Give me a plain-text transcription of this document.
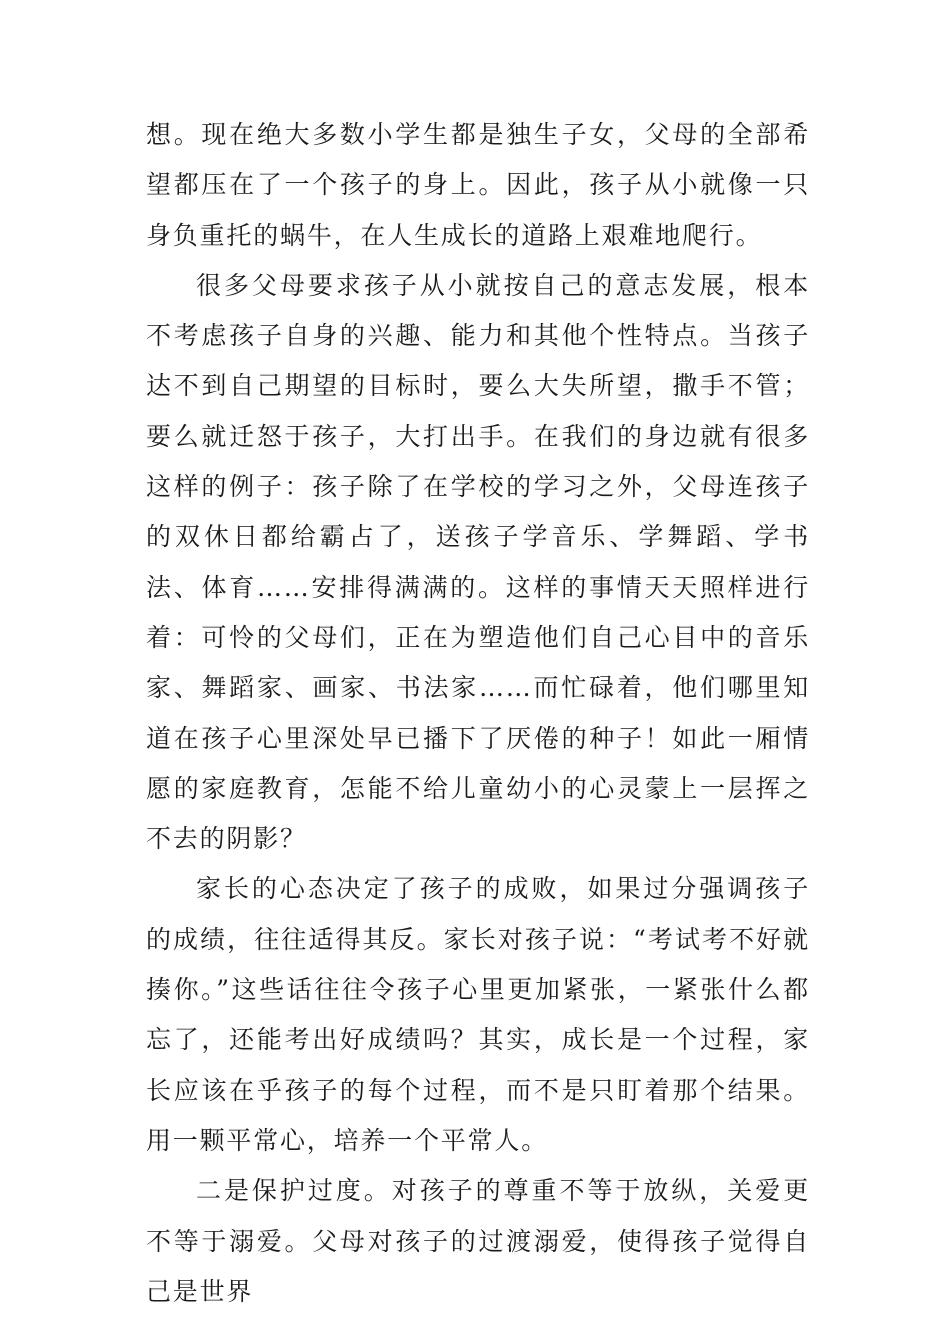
想。现在绝大多数小学生都是独生子女，父母的全部希望都压在了一个孩子的身上。因此，孩子从小就像一只身负重托的蜗牛，在人生成长的道路上艰难地爬行。

很多父母要求孩子从小就按自己的意志发展，根本不考虑孩子自身的兴趣、能力和其他个性特点。当孩子达不到自己期望的目标时，要么大失所望，撒手不管；要么就迁怒于孩子，大打出手。在我们的身边就有很多这样的例子：孩子除了在学校的学习之外，父母连孩子的双休日都给霸占了，送孩子学音乐、学舞蹈、学书法、体育……安排得满满的。这样的事情天天照样进行着：可怜的父母们，正在为塑造他们自己心目中的音乐家、舞蹈家、画家、书法家……而忙碌着，他们哪里知道在孩子心里深处早已播下了厌倦的种子！如此一厢情愿的家庭教育，怎能不给儿童幼小的心灵蒙上一层挥之不去的阴影？

家长的心态决定了孩子的成败，如果过分强调孩子的成绩，往往适得其反。家长对孩子说：“考试考不好就揍你。”这些话往往令孩子心里更加紧张，一紧张什么都忘了，还能考出好成绩吗？其实，成长是一个过程，家长应该在乎孩子的每个过程，而不是只盯着那个结果。用一颗平常心，培养一个平常人。

二是保护过度。对孩子的尊重不等于放纵，关爱更不等于溺爱。父母对孩子的过渡溺爱，使得孩子觉得自己是世界
